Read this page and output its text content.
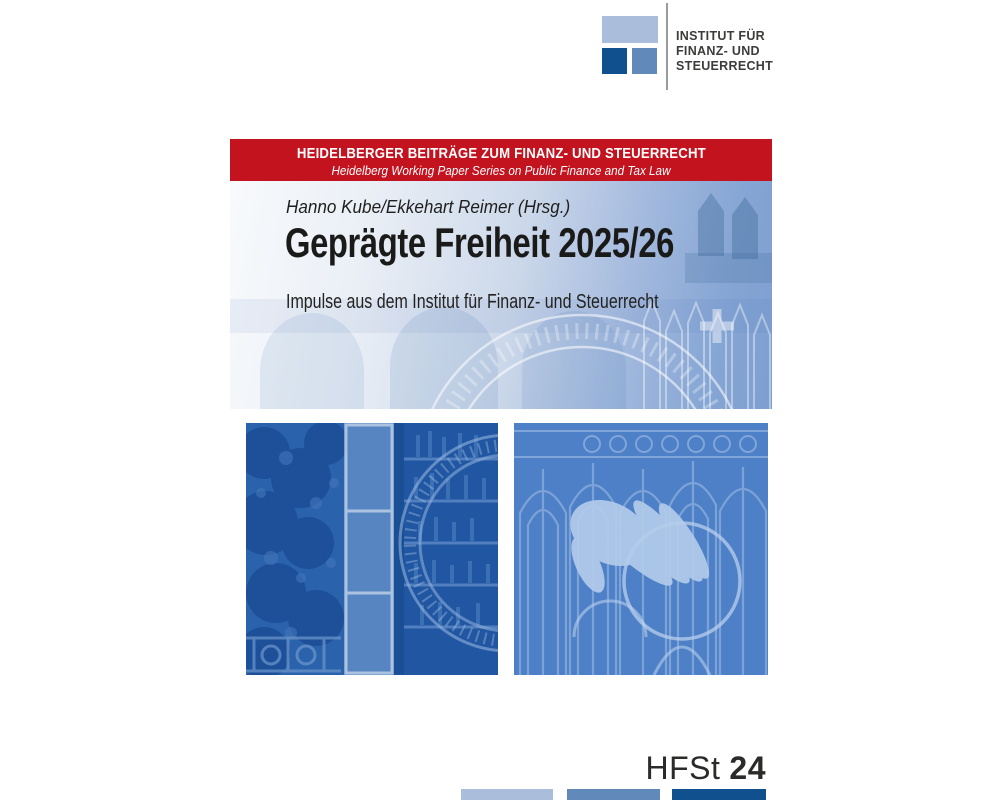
INSTITUT FÜR
FINANZ- UND
STEUERRECHT
HEIDELBERGER BEITRÄGE ZUM FINANZ- UND STEUERRECHT
Heidelberg Working Paper Series on Public Finance and Tax Law
Hanno Kube/Ekkehart Reimer (Hrsg.)
Geprägte Freiheit 2025/26
Impulse aus dem Institut für Finanz- und Steuerrecht
HFSt 24
